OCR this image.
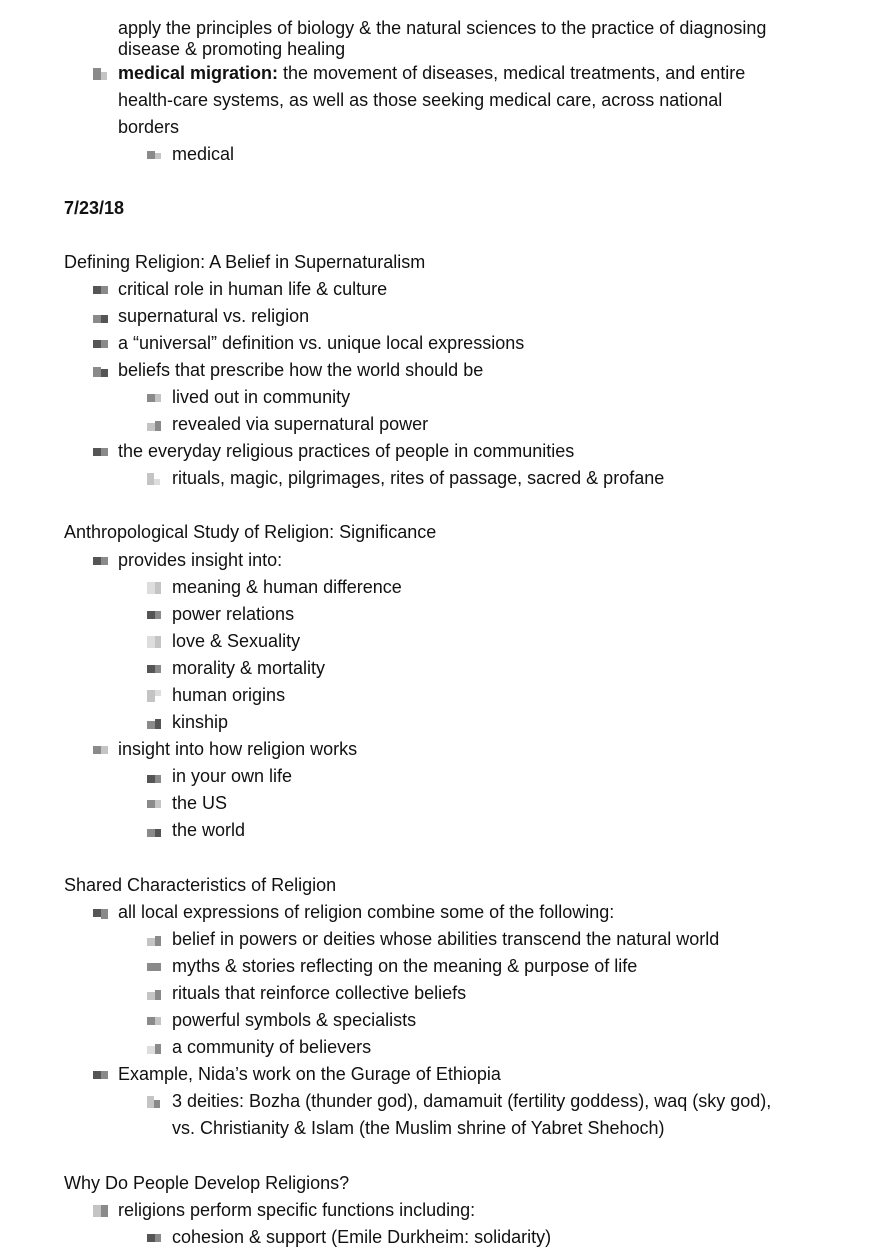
apply the principles of biology & the natural sciences to the practice of diagnosing
disease & promoting healing
medical migration: the movement of diseases, medical treatments, and entire
health-care systems, as well as those seeking medical care, across national
borders
medical
7/23/18
Defining Religion: A Belief in Supernaturalism
critical role in human life & culture
supernatural vs. religion
a “universal” definition vs. unique local expressions
beliefs that prescribe how the world should be
lived out in community
revealed via supernatural power
the everyday religious practices of people in communities
rituals, magic, pilgrimages, rites of passage, sacred & profane
Anthropological Study of Religion: Significance
provides insight into:
meaning & human difference
power relations
love & Sexuality
morality & mortality
human origins
kinship
insight into how religion works
in your own life
the US
the world
Shared Characteristics of Religion
all local expressions of religion combine some of the following:
belief in powers or deities whose abilities transcend the natural world
myths & stories reflecting on the meaning & purpose of life
rituals that reinforce collective beliefs
powerful symbols & specialists
a community of believers
Example, Nida’s work on the Gurage of Ethiopia
3 deities: Bozha (thunder god), damamuit (fertility goddess), waq (sky god),
vs. Christianity & Islam (the Muslim shrine of Yabret Shehoch)
Why Do People Develop Religions?
religions perform specific functions including:
cohesion & support (Emile Durkheim: solidarity)
